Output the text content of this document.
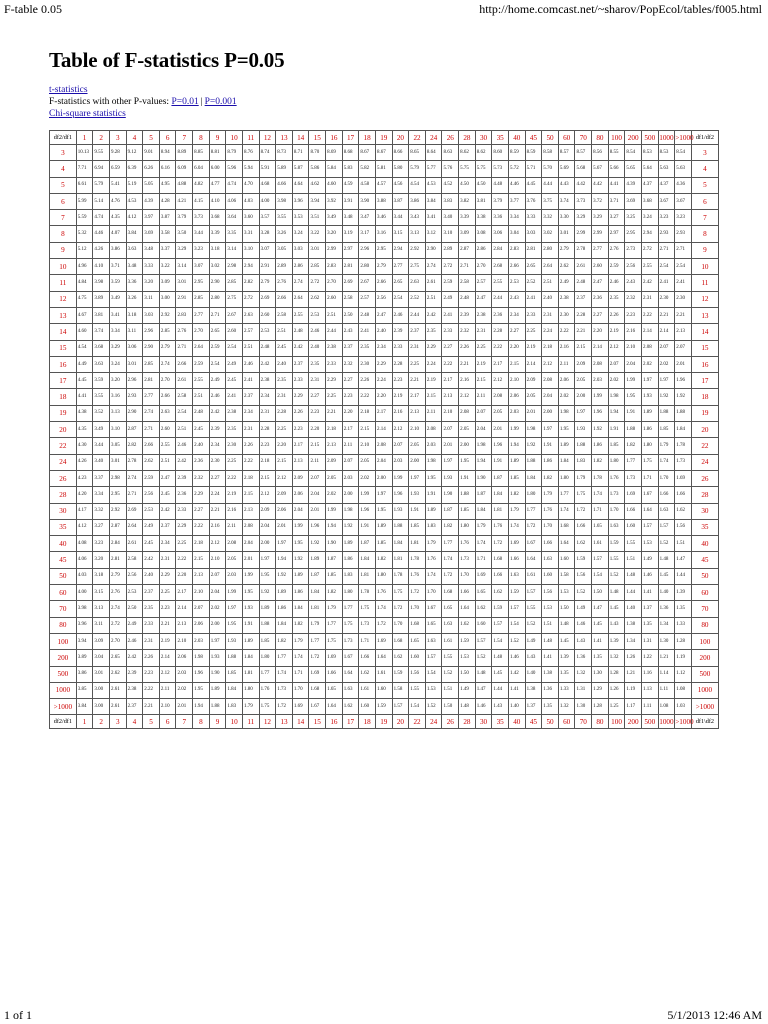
F-table 0.05	http://home.comcast.net/~sharov/PopEcol/tables/f005.html
Table of F-statistics P=0.05
t-statistics
F-statistics with other P-values: P=0.01 | P=0.001
Chi-square statistics
df2/df1	1	2	3	4	5	6	7	8	9	10	11	12	13	14	15	16	17	18	19	20	22	24	26	28	30	35	40	45	50	60	70	80	100	200	500	1000	>1000	df1/df2
3	10.13	9.55	9.28	9.12	9.01	8.94	8.89	8.85	8.81	8.79	8.76	8.74	8.73	8.71	8.70	8.69	8.68	8.67	8.67	8.66	8.65	8.64	8.63	8.62	8.62	8.60	8.59	8.59	8.58	8.57	8.57	8.56	8.55	8.54	8.53	8.53	8.54	3
4	7.71	6.94	6.59	6.39	6.26	6.16	6.09	6.04	6.00	5.96	5.94	5.91	5.89	5.87	5.86	5.84	5.83	5.82	5.81	5.80	5.79	5.77	5.76	5.75	5.75	5.73	5.72	5.71	5.70	5.69	5.68	5.67	5.66	5.65	5.64	5.63	5.63	4
5	6.61	5.79	5.41	5.19	5.05	4.95	4.88	4.82	4.77	4.74	4.70	4.68	4.66	4.64	4.62	4.60	4.59	4.58	4.57	4.56	4.54	4.53	4.52	4.50	4.50	4.48	4.46	4.45	4.44	4.43	4.42	4.42	4.41	4.39	4.37	4.37	4.36	5
6	5.99	5.14	4.76	4.53	4.39	4.28	4.21	4.15	4.10	4.06	4.03	4.00	3.98	3.96	3.94	3.92	3.91	3.90	3.88	3.87	3.86	3.84	3.83	3.82	3.81	3.79	3.77	3.76	3.75	3.74	3.73	3.72	3.71	3.69	3.68	3.67	3.67	6
7	5.59	4.74	4.35	4.12	3.97	3.87	3.79	3.73	3.68	3.64	3.60	3.57	3.55	3.53	3.51	3.49	3.48	3.47	3.46	3.44	3.43	3.41	3.40	3.39	3.38	3.36	3.34	3.33	3.32	3.30	3.29	3.29	3.27	3.25	3.24	3.23	3.23	7
8	5.32	4.46	4.07	3.84	3.69	3.58	3.50	3.44	3.39	3.35	3.31	3.28	3.26	3.24	3.22	3.20	3.19	3.17	3.16	3.15	3.13	3.12	3.10	3.09	3.08	3.06	3.04	3.03	3.02	3.01	2.99	2.99	2.97	2.95	2.94	2.93	2.93	8
9	5.12	4.26	3.86	3.63	3.48	3.37	3.29	3.23	3.18	3.14	3.10	3.07	3.05	3.03	3.01	2.99	2.97	2.96	2.95	2.94	2.92	2.90	2.89	2.87	2.86	2.84	2.83	2.81	2.80	2.79	2.78	2.77	2.76	2.73	2.72	2.71	2.71	9
10	4.96	4.10	3.71	3.48	3.33	3.22	3.14	3.07	3.02	2.98	2.94	2.91	2.89	2.86	2.85	2.83	2.81	2.80	2.79	2.77	2.75	2.74	2.72	2.71	2.70	2.68	2.66	2.65	2.64	2.62	2.61	2.60	2.59	2.56	2.55	2.54	2.54	10
11	4.84	3.98	3.59	3.36	3.20	3.09	3.01	2.95	2.90	2.85	2.82	2.79	2.76	2.74	2.72	2.70	2.69	2.67	2.66	2.65	2.63	2.61	2.59	2.58	2.57	2.55	2.53	2.52	2.51	2.49	2.48	2.47	2.46	2.43	2.42	2.41	2.41	11
12	4.75	3.89	3.49	3.26	3.11	3.00	2.91	2.85	2.80	2.75	2.72	2.69	2.66	2.64	2.62	2.60	2.58	2.57	2.56	2.54	2.52	2.51	2.49	2.48	2.47	2.44	2.43	2.41	2.40	2.38	2.37	2.36	2.35	2.32	2.31	2.30	2.30	12
13	4.67	3.81	3.41	3.18	3.03	2.92	2.83	2.77	2.71	2.67	2.63	2.60	2.58	2.55	2.53	2.51	2.50	2.48	2.47	2.46	2.44	2.42	2.41	2.39	2.38	2.36	2.34	2.33	2.31	2.30	2.28	2.27	2.26	2.23	2.22	2.21	2.21	13
14	4.60	3.74	3.34	3.11	2.96	2.85	2.76	2.70	2.65	2.60	2.57	2.53	2.51	2.48	2.46	2.44	2.43	2.41	2.40	2.39	2.37	2.35	2.33	2.32	2.31	2.28	2.27	2.25	2.24	2.22	2.21	2.20	2.19	2.16	2.14	2.14	2.13	14
15	4.54	3.68	3.29	3.06	2.90	2.79	2.71	2.64	2.59	2.54	2.51	2.48	2.45	2.42	2.40	2.38	2.37	2.35	2.34	2.33	2.31	2.29	2.27	2.26	2.25	2.22	2.20	2.19	2.18	2.16	2.15	2.14	2.12	2.10	2.08	2.07	2.07	15
16	4.49	3.63	3.24	3.01	2.85	2.74	2.66	2.59	2.54	2.49	2.46	2.42	2.40	2.37	2.35	2.33	2.32	2.30	2.29	2.28	2.25	2.24	2.22	2.21	2.19	2.17	2.15	2.14	2.12	2.11	2.09	2.08	2.07	2.04	2.02	2.02	2.01	16
17	4.45	3.59	3.20	2.96	2.81	2.70	2.61	2.55	2.49	2.45	2.41	2.38	2.35	2.33	2.31	2.29	2.27	2.26	2.24	2.23	2.21	2.19	2.17	2.16	2.15	2.12	2.10	2.09	2.08	2.06	2.05	2.03	2.02	1.99	1.97	1.97	1.96	17
18	4.41	3.55	3.16	2.93	2.77	2.66	2.58	2.51	2.46	2.41	2.37	2.34	2.31	2.29	2.27	2.25	2.23	2.22	2.20	2.19	2.17	2.15	2.13	2.12	2.11	2.08	2.06	2.05	2.04	2.02	2.00	1.99	1.98	1.95	1.93	1.92	1.92	18
19	4.38	3.52	3.13	2.90	2.74	2.63	2.54	2.48	2.42	2.38	2.34	2.31	2.28	2.26	2.23	2.21	2.20	2.18	2.17	2.16	2.13	2.11	2.10	2.08	2.07	2.05	2.03	2.01	2.00	1.98	1.97	1.96	1.94	1.91	1.89	1.88	1.88	19
20	4.35	3.49	3.10	2.87	2.71	2.60	2.51	2.45	2.39	2.35	2.31	2.28	2.25	2.23	2.20	2.18	2.17	2.15	2.14	2.12	2.10	2.08	2.07	2.05	2.04	2.01	1.99	1.98	1.97	1.95	1.93	1.92	1.91	1.88	1.86	1.85	1.84	20
22	4.30	3.44	3.05	2.82	2.66	2.55	2.46	2.40	2.34	2.30	2.26	2.23	2.20	2.17	2.15	2.13	2.11	2.10	2.08	2.07	2.05	2.03	2.01	2.00	1.98	1.96	1.94	1.92	1.91	1.89	1.88	1.86	1.85	1.82	1.80	1.79	1.78	22
24	4.26	3.40	3.01	2.78	2.62	2.51	2.42	2.36	2.30	2.25	2.22	2.18	2.15	2.13	2.11	2.09	2.07	2.05	2.04	2.03	2.00	1.98	1.97	1.95	1.94	1.91	1.89	1.88	1.86	1.84	1.83	1.82	1.80	1.77	1.75	1.74	1.73	24
26	4.23	3.37	2.98	2.74	2.59	2.47	2.39	2.32	2.27	2.22	2.18	2.15	2.12	2.09	2.07	2.05	2.03	2.02	2.00	1.99	1.97	1.95	1.93	1.91	1.90	1.87	1.85	1.84	1.82	1.80	1.79	1.78	1.76	1.73	1.71	1.70	1.69	26
28	4.20	3.34	2.95	2.71	2.56	2.45	2.36	2.29	2.24	2.19	2.15	2.12	2.09	2.06	2.04	2.02	2.00	1.99	1.97	1.96	1.93	1.91	1.90	1.88	1.87	1.84	1.82	1.80	1.79	1.77	1.75	1.74	1.73	1.69	1.67	1.66	1.66	28
30	4.17	3.32	2.92	2.69	2.53	2.42	2.33	2.27	2.21	2.16	2.13	2.09	2.06	2.04	2.01	1.99	1.98	1.96	1.95	1.93	1.91	1.89	1.87	1.85	1.84	1.81	1.79	1.77	1.76	1.74	1.72	1.71	1.70	1.66	1.64	1.63	1.62	30
35	4.12	3.27	2.87	2.64	2.49	2.37	2.29	2.22	2.16	2.11	2.08	2.04	2.01	1.99	1.96	1.94	1.92	1.91	1.89	1.88	1.85	1.83	1.82	1.80	1.79	1.76	1.74	1.72	1.70	1.68	1.66	1.65	1.63	1.60	1.57	1.57	1.56	35
40	4.08	3.23	2.84	2.61	2.45	2.34	2.25	2.18	2.12	2.08	2.04	2.00	1.97	1.95	1.92	1.90	1.89	1.87	1.85	1.84	1.81	1.79	1.77	1.76	1.74	1.72	1.69	1.67	1.66	1.64	1.62	1.61	1.59	1.55	1.53	1.52	1.51	40
45	4.06	3.20	2.81	2.58	2.42	2.31	2.22	2.15	2.10	2.05	2.01	1.97	1.94	1.92	1.89	1.87	1.86	1.84	1.82	1.81	1.78	1.76	1.74	1.73	1.71	1.68	1.66	1.64	1.63	1.60	1.59	1.57	1.55	1.51	1.49	1.48	1.47	45
50	4.03	3.18	2.79	2.56	2.40	2.29	2.20	2.13	2.07	2.03	1.99	1.95	1.92	1.89	1.87	1.85	1.83	1.81	1.80	1.78	1.76	1.74	1.72	1.70	1.69	1.66	1.63	1.61	1.60	1.58	1.56	1.54	1.52	1.48	1.46	1.45	1.44	50
60	4.00	3.15	2.76	2.53	2.37	2.25	2.17	2.10	2.04	1.99	1.95	1.92	1.89	1.86	1.84	1.82	1.80	1.78	1.76	1.75	1.72	1.70	1.68	1.66	1.65	1.62	1.59	1.57	1.56	1.53	1.52	1.50	1.48	1.44	1.41	1.40	1.39	60
70	3.98	3.13	2.74	2.50	2.35	2.23	2.14	2.07	2.02	1.97	1.93	1.89	1.86	1.84	1.81	1.79	1.77	1.75	1.74	1.72	1.70	1.67	1.65	1.64	1.62	1.59	1.57	1.55	1.53	1.50	1.49	1.47	1.45	1.40	1.37	1.36	1.35	70
80	3.96	3.11	2.72	2.49	2.33	2.21	2.13	2.06	2.00	1.95	1.91	1.88	1.84	1.82	1.79	1.77	1.75	1.73	1.72	1.70	1.68	1.65	1.63	1.62	1.60	1.57	1.54	1.52	1.51	1.48	1.46	1.45	1.43	1.38	1.35	1.34	1.33	80
100	3.94	3.09	2.70	2.46	2.31	2.19	2.10	2.03	1.97	1.93	1.89	1.85	1.82	1.79	1.77	1.75	1.73	1.71	1.69	1.68	1.65	1.63	1.61	1.59	1.57	1.54	1.52	1.49	1.48	1.45	1.43	1.41	1.39	1.34	1.31	1.30	1.28	100
200	3.89	3.04	2.65	2.42	2.26	2.14	2.06	1.98	1.93	1.88	1.84	1.80	1.77	1.74	1.72	1.69	1.67	1.66	1.64	1.62	1.60	1.57	1.55	1.53	1.52	1.48	1.46	1.43	1.41	1.39	1.36	1.35	1.32	1.26	1.22	1.21	1.19	200
500	3.86	3.01	2.62	2.39	2.23	2.12	2.03	1.96	1.90	1.85	1.81	1.77	1.74	1.71	1.69	1.66	1.64	1.62	1.61	1.59	1.56	1.54	1.52	1.50	1.48	1.45	1.42	1.40	1.38	1.35	1.32	1.30	1.28	1.21	1.16	1.14	1.12	500
1000	3.85	3.00	2.61	2.38	2.22	2.11	2.02	1.95	1.89	1.84	1.80	1.76	1.73	1.70	1.68	1.65	1.63	1.61	1.60	1.58	1.55	1.53	1.51	1.49	1.47	1.44	1.41	1.38	1.36	1.33	1.31	1.29	1.26	1.19	1.13	1.11	1.08	1000
>1000	3.84	3.00	2.61	2.37	2.21	2.10	2.01	1.94	1.88	1.83	1.79	1.75	1.72	1.69	1.67	1.64	1.62	1.60	1.59	1.57	1.54	1.52	1.50	1.48	1.46	1.43	1.40	1.37	1.35	1.32	1.30	1.28	1.25	1.17	1.11	1.08	1.03	>1000
df2/df1	1	2	3	4	5	6	7	8	9	10	11	12	13	14	15	16	17	18	19	20	22	24	26	28	30	35	40	45	50	60	70	80	100	200	500	1000	>1000	df1\df2
1 of 1	5/1/2013 12:46 AM
